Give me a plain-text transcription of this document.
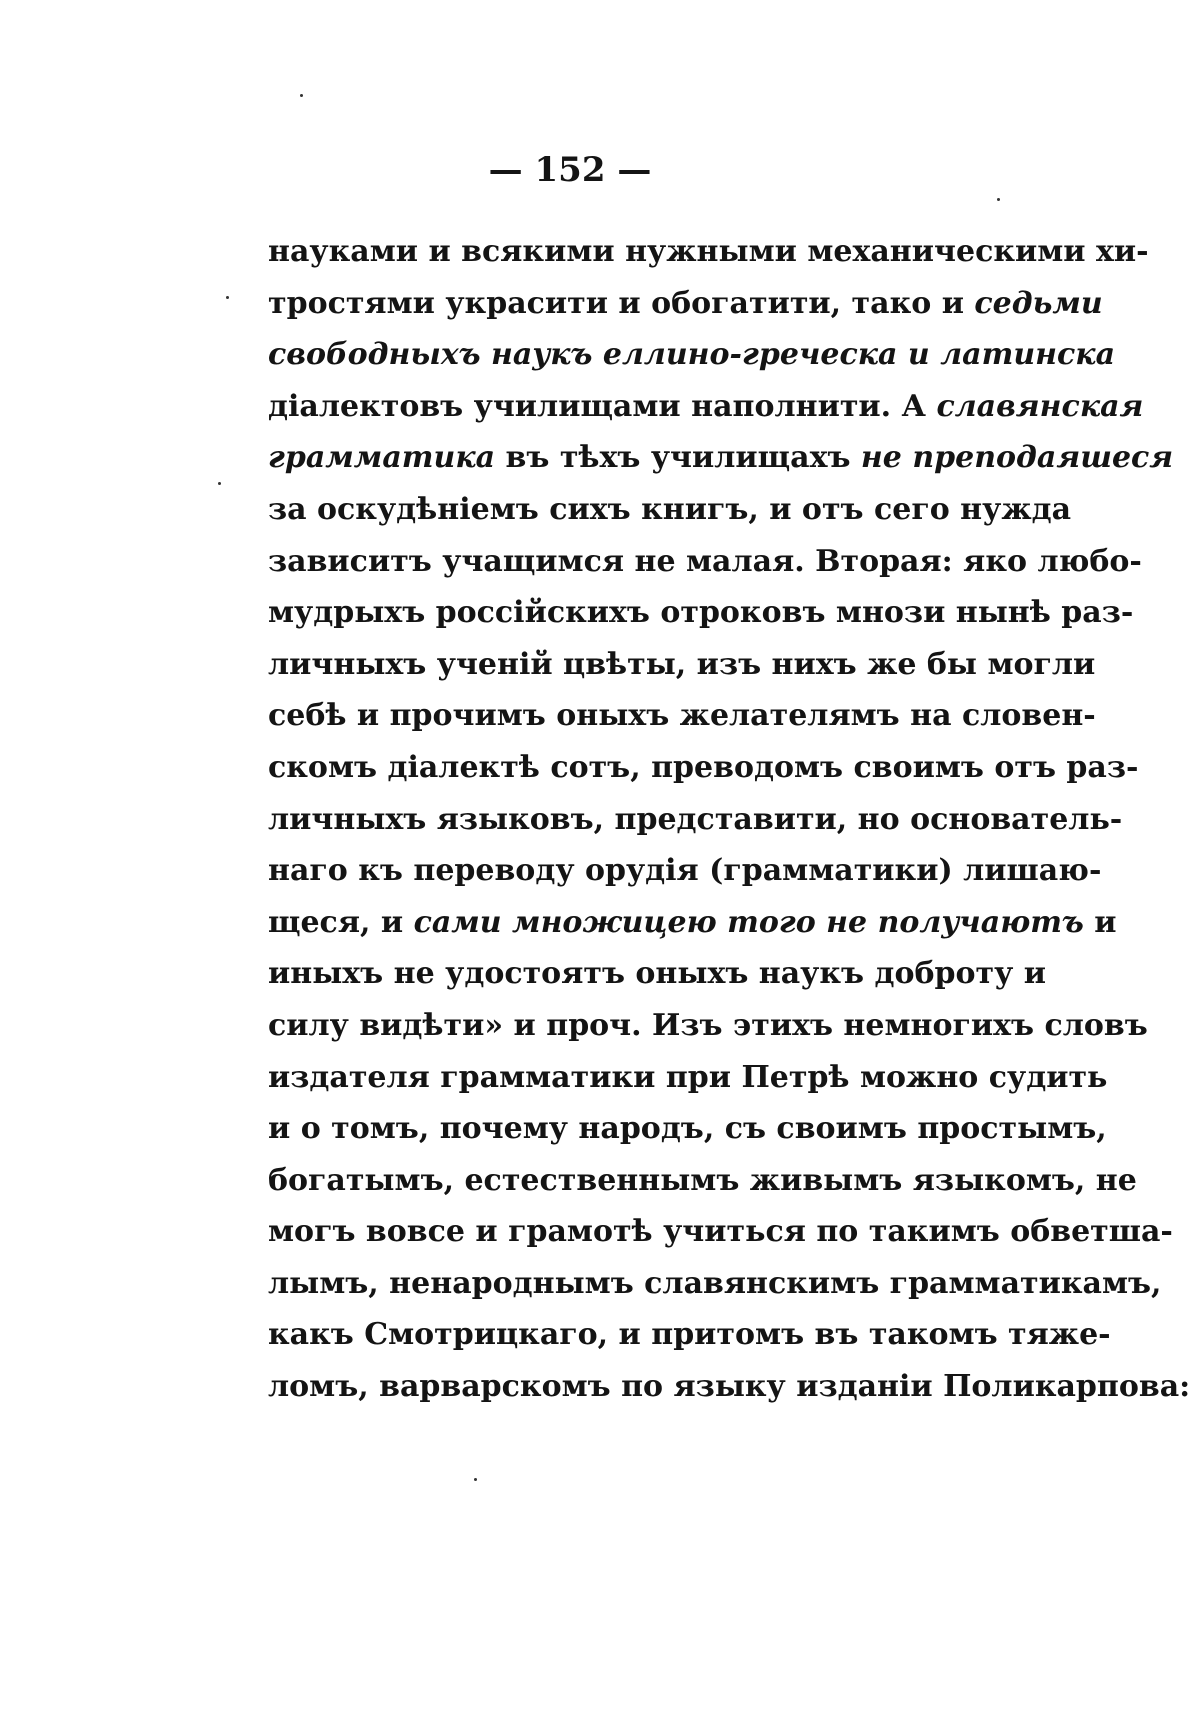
— 152 —
науками и всякими нужными механическими хи-
тростями украсити и обогатити, тако и седьми
свободныхъ наукъ еллино-греческа и латинска
діалектовъ училищами наполнити. А славянская
грамматика въ тѣхъ училищахъ не преподаяшеся
за оскудѣніемъ сихъ книгъ, и отъ сего нужда
зависитъ учащимся не малая. Вторая: яко любо-
мудрыхъ россійскихъ отроковъ мнози нынѣ раз-
личныхъ ученій цвѣты, изъ нихъ же бы могли
себѣ и прочимъ оныхъ желателямъ на словен-
скомъ діалектѣ сотъ, преводомъ своимъ отъ раз-
личныхъ языковъ, представити, но основатель-
наго къ переводу орудія (грамматики) лишаю-
щеся, и сами множицею того не получаютъ и
иныхъ не удостоятъ оныхъ наукъ доброту и
силу видѣти» и проч. Изъ этихъ немногихъ словъ
издателя грамматики при Петрѣ можно судить
и о томъ, почему народъ, съ своимъ простымъ,
богатымъ, естественнымъ живымъ языкомъ, не
могъ вовсе и грамотѣ учиться по такимъ обветша-
лымъ, ненароднымъ славянскимъ грамматикамъ,
какъ Смотрицкаго, и притомъ въ такомъ тяже-
ломъ, варварскомъ по языку изданіи Поликарпова:
